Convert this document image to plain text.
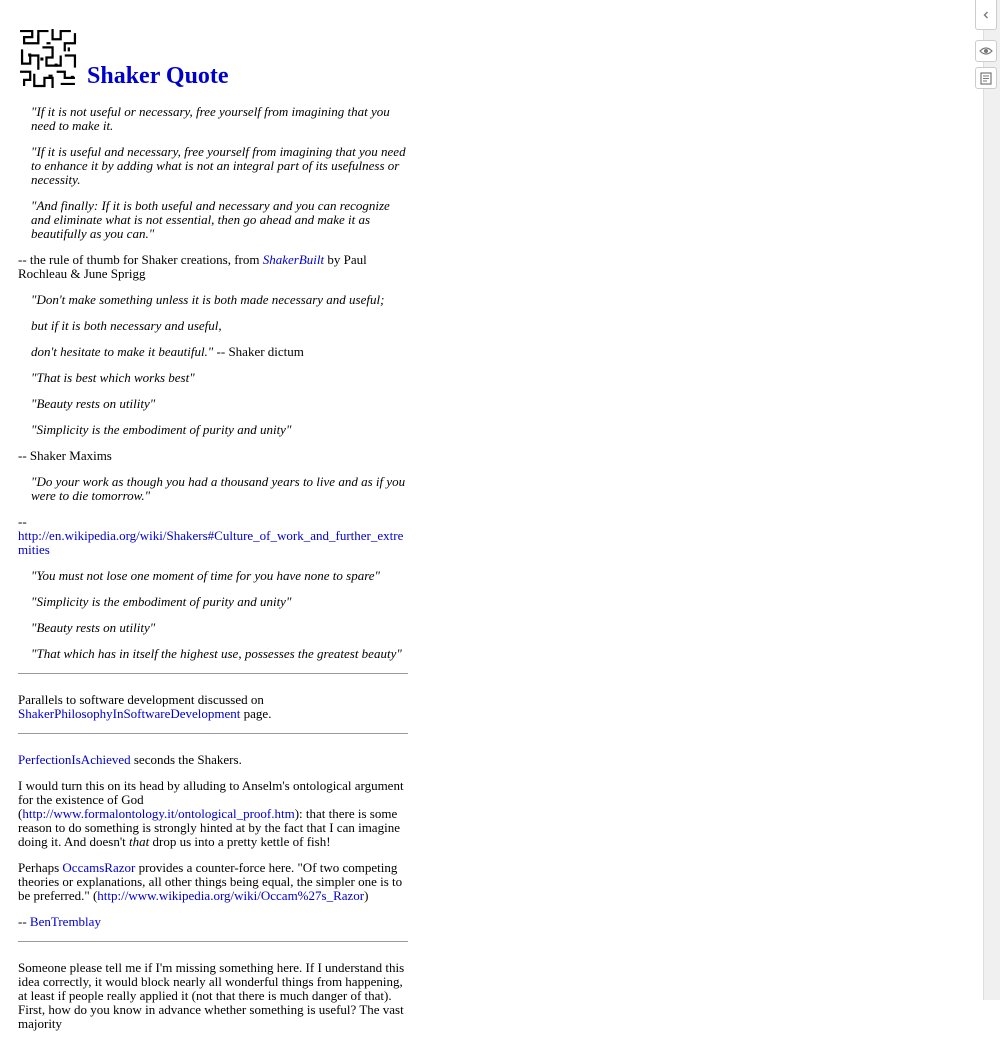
Shaker Quote

"If it is not useful or necessary, free yourself from imagining that you need to make it.

"If it is useful and necessary, free yourself from imagining that you need to enhance it by adding what is not an integral part of its usefulness or necessity.

"And finally: If it is both useful and necessary and you can recognize and eliminate what is not essential, then go ahead and make it as beautifully as you can."

-- the rule of thumb for Shaker creations, from ShakerBuilt by Paul Rochleau & June Sprigg

"Don't make something unless it is both made necessary and useful;

but if it is both necessary and useful,

don't hesitate to make it beautiful." -- Shaker dictum

"That is best which works best"

"Beauty rests on utility"

"Simplicity is the embodiment of purity and unity"

-- Shaker Maxims

"Do your work as though you had a thousand years to live and as if you were to die tomorrow."

--
http://en.wikipedia.org/wiki/Shakers#Culture_of_work_and_further_extremities

"You must not lose one moment of time for you have none to spare"

"Simplicity is the embodiment of purity and unity"

"Beauty rests on utility"

"That which has in itself the highest use, possesses the greatest beauty"

Parallels to software development discussed on ShakerPhilosophyInSoftwareDevelopment page.

PerfectionIsAchieved seconds the Shakers.

I would turn this on its head by alluding to Anselm's ontological argument for the existence of God (http://www.formalontology.it/ontological_proof.htm): that there is some reason to do something is strongly hinted at by the fact that I can imagine doing it. And doesn't that drop us into a pretty kettle of fish!

Perhaps OccamsRazor provides a counter-force here. "Of two competing theories or explanations, all other things being equal, the simpler one is to be preferred." (http://www.wikipedia.org/wiki/Occam%27s_Razor)

-- BenTremblay

Someone please tell me if I'm missing something here. If I understand this idea correctly, it would block nearly all wonderful things from happening, at least if people really applied it (not that there is much danger of that). First, how do you know in advance whether something is useful? The vast majority
